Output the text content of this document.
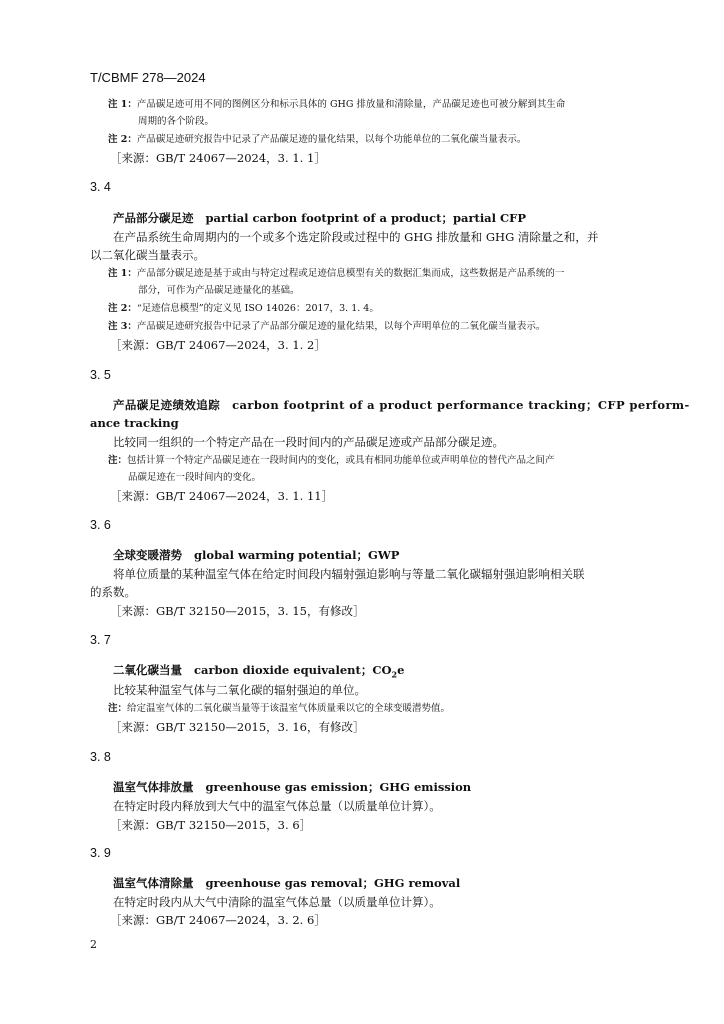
T/CBMF 278—2024
注 1：产品碳足迹可用不同的图例区分和标示具体的 GHG 排放量和清除量，产品碳足迹也可被分解到其生命
周期的各个阶段。
注 2：产品碳足迹研究报告中记录了产品碳足迹的量化结果，以每个功能单位的二氧化碳当量表示。
［来源：GB/T 24067—2024，3. 1. 1］
3. 4
产品部分碳足迹 partial carbon footprint of a product；partial CFP
在产品系统生命周期内的一个或多个选定阶段或过程中的 GHG 排放量和 GHG 清除量之和，并
以二氧化碳当量表示。
注 1：产品部分碳足迹是基于或由与特定过程或足迹信息模型有关的数据汇集而成，这些数据是产品系统的一
部分，可作为产品碳足迹量化的基础。
注 2：“足迹信息模型”的定义见 ISO 14026：2017，3. 1. 4。
注 3：产品碳足迹研究报告中记录了产品部分碳足迹的量化结果，以每个声明单位的二氧化碳当量表示。
［来源：GB/T 24067—2024，3. 1. 2］
3. 5
产品碳足迹绩效追踪 carbon footprint of a product performance tracking；CFP perform-
ance tracking
比较同一组织的一个特定产品在一段时间内的产品碳足迹或产品部分碳足迹。
注：包括计算一个特定产品碳足迹在一段时间内的变化，或具有相同功能单位或声明单位的替代产品之间产
品碳足迹在一段时间内的变化。
［来源：GB/T 24067—2024，3. 1. 11］
3. 6
全球变暖潜势 global warming potential；GWP
将单位质量的某种温室气体在给定时间段内辐射强迫影响与等量二氧化碳辐射强迫影响相关联
的系数。
［来源：GB/T 32150—2015，3. 15，有修改］
3. 7
二氧化碳当量 carbon dioxide equivalent；$CO_2e$
比较某种温室气体与二氧化碳的辐射强迫的单位。
注：给定温室气体的二氧化碳当量等于该温室气体质量乘以它的全球变暖潜势值。
［来源：GB/T 32150—2015，3. 16，有修改］
3. 8
温室气体排放量 greenhouse gas emission；GHG emission
在特定时段内释放到大气中的温室气体总量（以质量单位计算）。
［来源：GB/T 32150—2015，3. 6］
3. 9
温室气体清除量 greenhouse gas removal；GHG removal
在特定时段内从大气中清除的温室气体总量（以质量单位计算）。
［来源：GB/T 24067—2024，3. 2. 6］
2
